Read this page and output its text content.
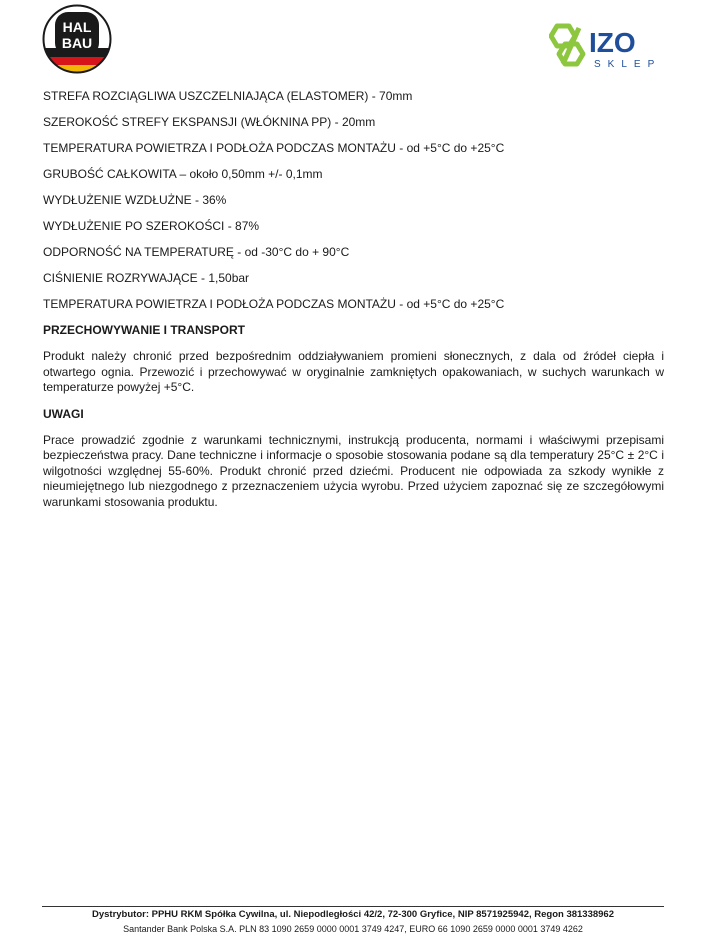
HAL
BAU	IZO
SKLEP

STREFA ROZCIĄGLIWA USZCZELNIAJĄCA (ELASTOMER) - 70mm

SZEROKOŚĆ STREFY EKSPANSJI (WŁÓKNINA PP) - 20mm

TEMPERATURA POWIETRZA I PODŁOŻA PODCZAS MONTAŻU - od +5°C do +25°C

GRUBOŚĆ CAŁKOWITA – około 0,50mm +/- 0,1mm

WYDŁUŻENIE WZDŁUŻNE - 36%

WYDŁUŻENIE PO SZEROKOŚCI - 87%

ODPORNOŚĆ NA TEMPERATURĘ - od -30°C do + 90°C

CIŚNIENIE ROZRYWAJĄCE - 1,50bar

TEMPERATURA POWIETRZA I PODŁOŻA PODCZAS MONTAŻU - od +5°C do +25°C

PRZECHOWYWANIE I TRANSPORT

Produkt należy chronić przed bezpośrednim oddziaływaniem promieni słonecznych, z dala od źródeł ciepła i otwartego ognia. Przewozić i przechowywać w oryginalnie zamkniętych opakowaniach, w suchych warunkach w temperaturze powyżej +5°C.

UWAGI

Prace prowadzić zgodnie z warunkami technicznymi, instrukcją producenta, normami i właściwymi przepisami bezpieczeństwa pracy. Dane techniczne i informacje o sposobie stosowania podane są dla temperatury 25°C ± 2°C i wilgotności względnej 55-60%. Produkt chronić przed dziećmi. Producent nie odpowiada za szkody wynikłe z nieumiejętnego lub niezgodnego z przeznaczeniem użycia wyrobu. Przed użyciem zapoznać się ze szczegółowymi warunkami stosowania produktu.

Dystrybutor: PPHU RKM Spółka Cywilna, ul. Niepodległości 42/2, 72-300 Gryfice, NIP 8571925942, Regon 381338962
Santander Bank Polska S.A. PLN 83 1090 2659 0000 0001 3749 4247, EURO 66 1090 2659 0000 0001 3749 4262
